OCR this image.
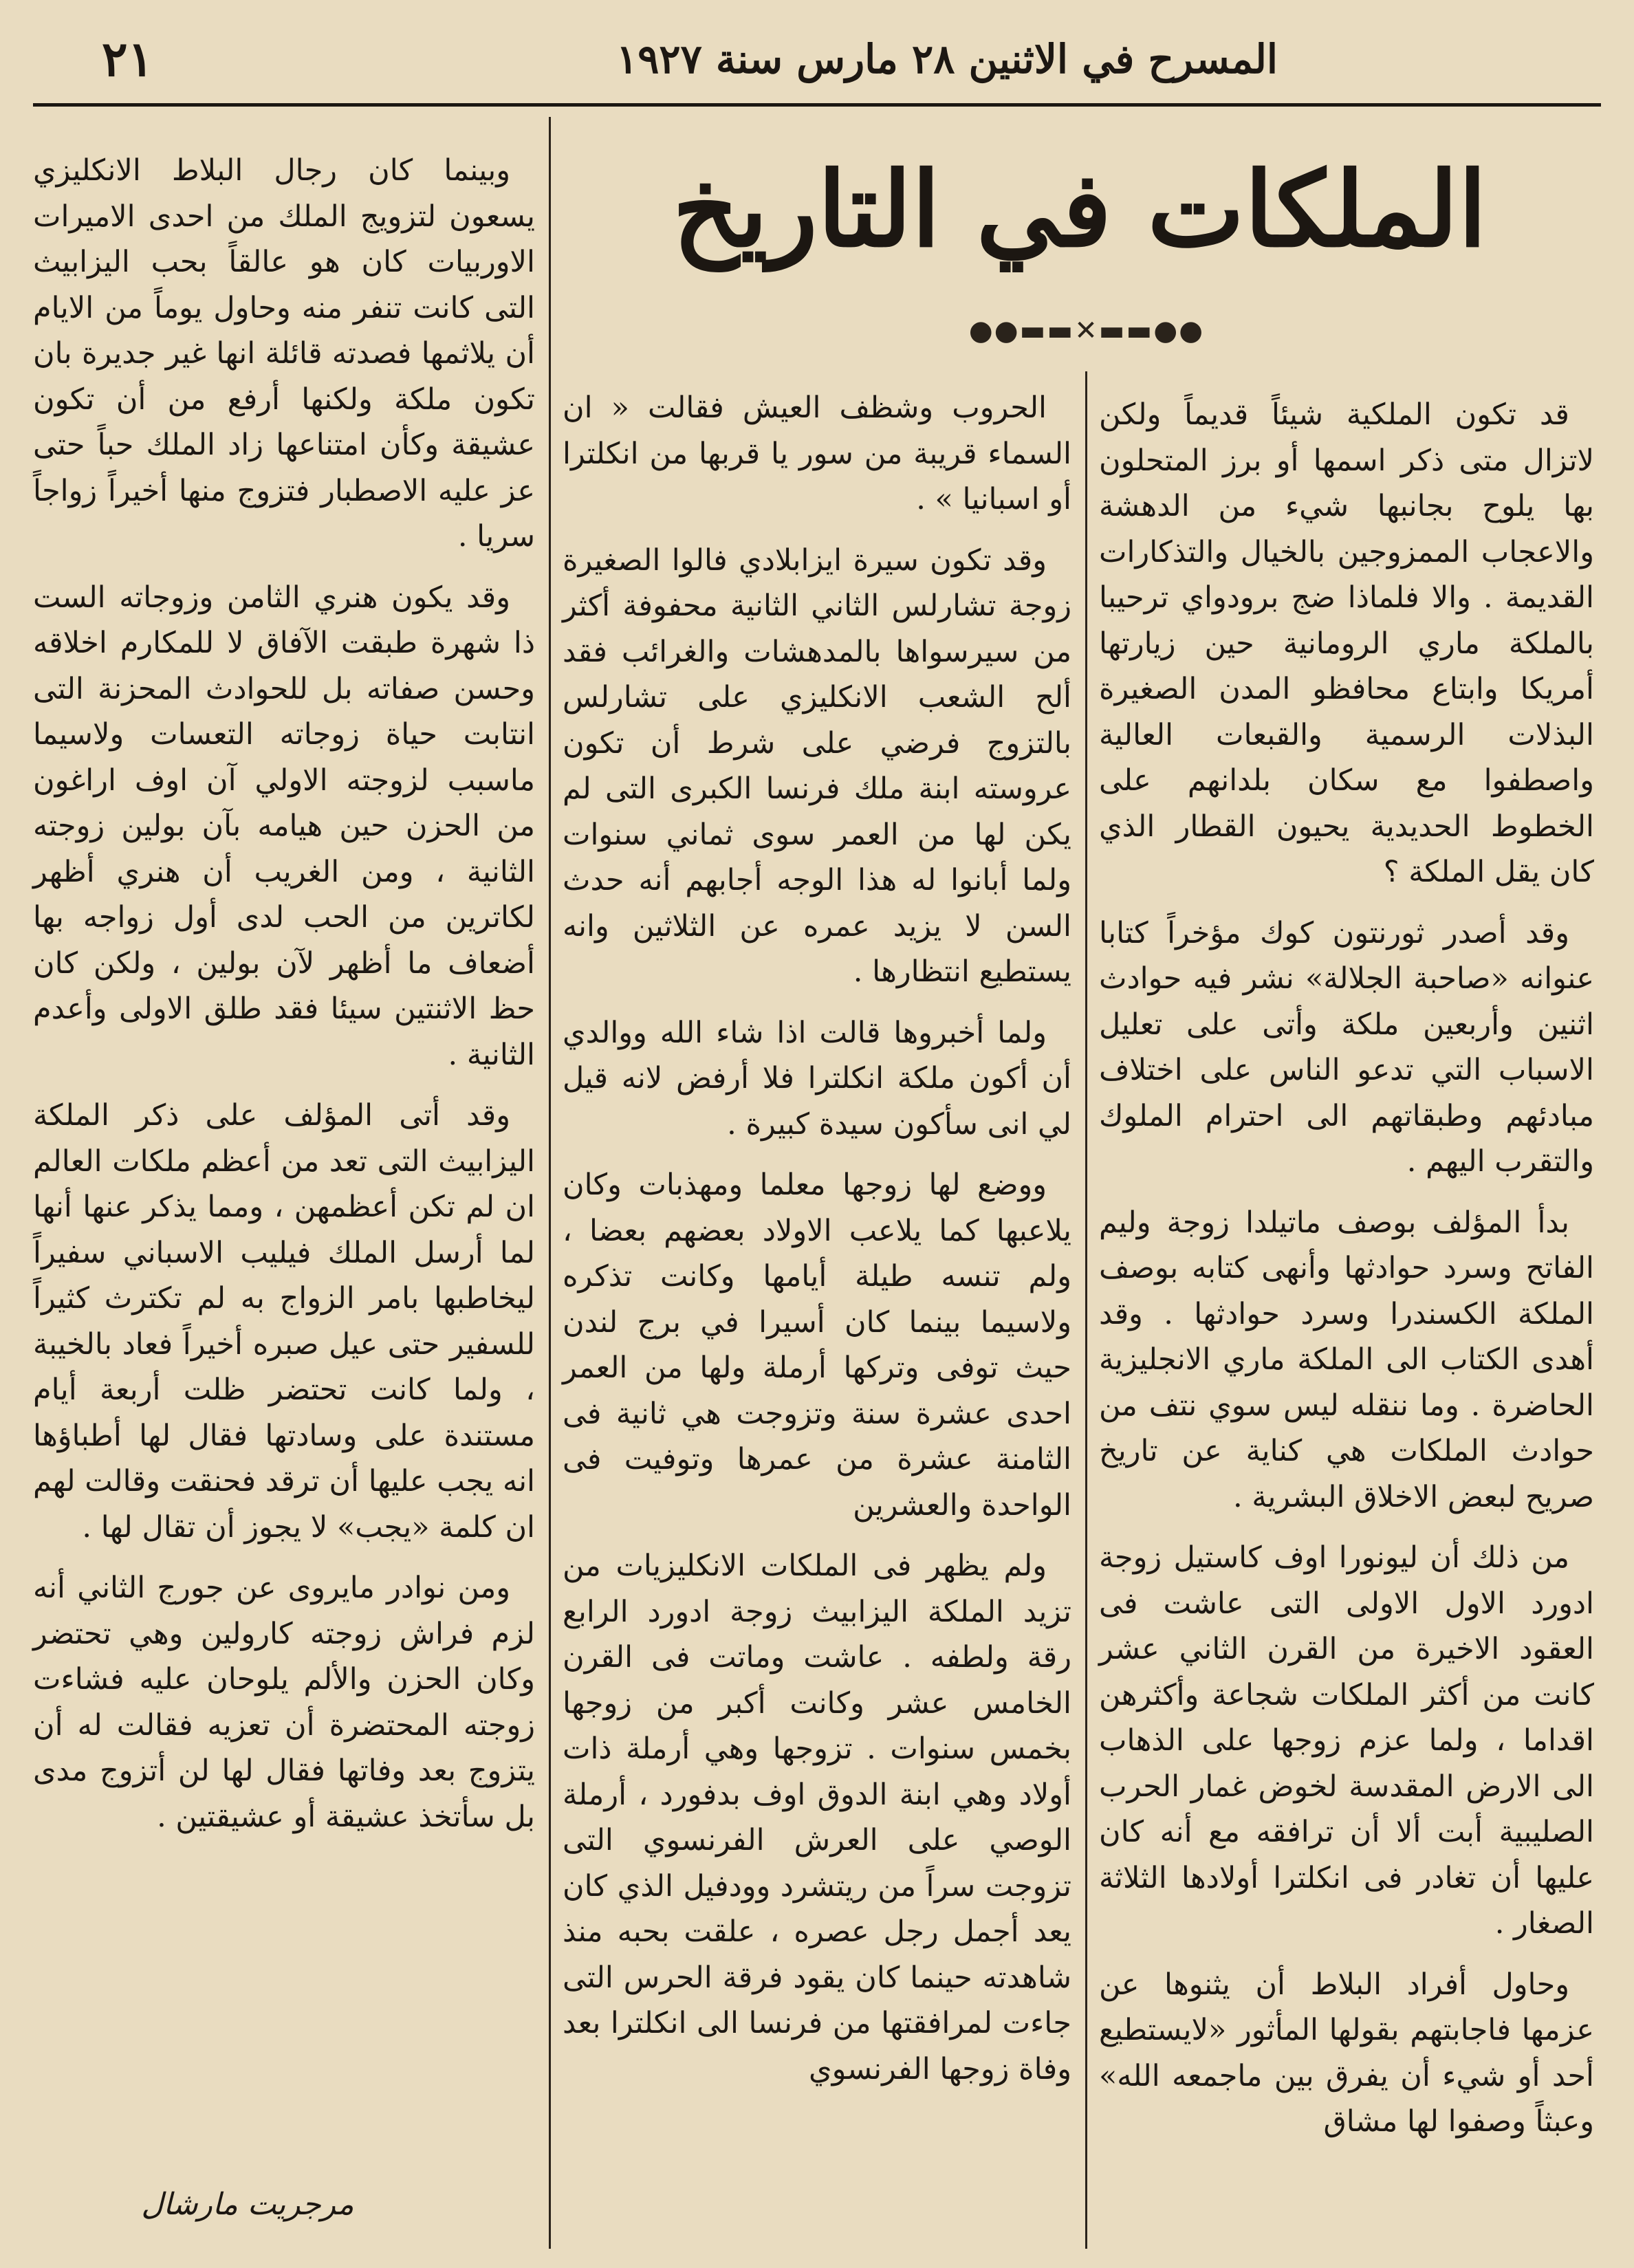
المسرح في الاثنين ٢٨ مارس سنة ١٩٢٧
٢١
الملكات في التاريخ
●●▬▬✕▬▬●●

قد تكون الملكية شيئاً قديماً ولكن لاتزال متى ذكر اسمها أو برز المتحلون بها يلوح بجانبها شيء من الدهشة والاعجاب الممزوجين بالخيال والتذكارات القديمة . والا فلماذا ضج برودواي ترحيبا بالملكة ماري الرومانية حين زيارتها أمريكا وابتاع محافظو المدن الصغيرة البذلات الرسمية والقبعات العالية واصطفوا مع سكان بلدانهم على الخطوط الحديدية يحيون القطار الذي كان يقل الملكة ؟

وقد أصدر ثورنتون كوك مؤخراً كتابا عنوانه «صاحبة الجلالة» نشر فيه حوادث اثنين وأربعين ملكة وأتى على تعليل الاسباب التي تدعو الناس على اختلاف مبادئهم وطبقاتهم الى احترام الملوك والتقرب اليهم .

بدأ المؤلف بوصف ماتيلدا زوجة وليم الفاتح وسرد حوادثها وأنهى كتابه بوصف الملكة الكسندرا وسرد حوادثها . وقد أهدى الكتاب الى الملكة ماري الانجليزية الحاضرة . وما ننقله ليس سوي نتف من حوادث الملكات هي كناية عن تاريخ صريح لبعض الاخلاق البشرية .

من ذلك أن ليونورا اوف كاستيل زوجة ادورد الاول الاولى التى عاشت فى العقود الاخيرة من القرن الثاني عشر كانت من أكثر الملكات شجاعة وأكثرهن اقداما ، ولما عزم زوجها على الذهاب الى الارض المقدسة لخوض غمار الحرب الصليبية أبت ألا أن ترافقه مع أنه كان عليها أن تغادر فى انكلترا أولادها الثلاثة الصغار .

وحاول أفراد البلاط أن يثنوها عن عزمها فاجابتهم بقولها المأثور «لايستطيع أحد أو شيء أن يفرق بين ماجمعه الله» وعبثاً وصفوا لها مشاق

الحروب وشظف العيش فقالت « ان السماء قريبة من سور يا قربها من انكلترا أو اسبانيا » .

وقد تكون سيرة ايزابلادي فالوا الصغيرة زوجة تشارلس الثاني الثانية محفوفة أكثر من سيرسواها بالمدهشات والغرائب فقد ألح الشعب الانكليزي على تشارلس بالتزوج فرضي على شرط أن تكون عروسته ابنة ملك فرنسا الكبرى التى لم يكن لها من العمر سوى ثماني سنوات ولما أبانوا له هذا الوجه أجابهم أنه حدث السن لا يزيد عمره عن الثلاثين وانه يستطيع انتظارها .

ولما أخبروها قالت اذا شاء الله ووالدي أن أكون ملكة انكلترا فلا أرفض لانه قيل لي انى سأكون سيدة كبيرة .

ووضع لها زوجها معلما ومهذبات وكان يلاعبها كما يلاعب الاولاد بعضهم بعضا ، ولم تنسه طيلة أيامها وكانت تذكره ولاسيما بينما كان أسيرا في برج لندن حيث توفى وتركها أرملة ولها من العمر احدى عشرة سنة وتزوجت هي ثانية فى الثامنة عشرة من عمرها وتوفيت فى الواحدة والعشرين

ولم يظهر فى الملكات الانكليزيات من تزيد الملكة اليزابيث زوجة ادورد الرابع رقة ولطفه . عاشت وماتت فى القرن الخامس عشر وكانت أكبر من زوجها بخمس سنوات . تزوجها وهي أرملة ذات أولاد وهي ابنة الدوق اوف بدفورد ، أرملة الوصي على العرش الفرنسوي التى تزوجت سراً من ريتشرد وودفيل الذي كان يعد أجمل رجل عصره ، علقت بحبه منذ شاهدته حينما كان يقود فرقة الحرس التى جاءت لمرافقتها من فرنسا الى انكلترا بعد وفاة زوجها الفرنسوي

وبينما كان رجال البلاط الانكليزي يسعون لتزويج الملك من احدى الاميرات الاوربيات كان هو عالقاً بحب اليزابيث التى كانت تنفر منه وحاول يوماً من الايام أن يلاثمها فصدته قائلة انها غير جديرة بان تكون ملكة ولكنها أرفع من أن تكون عشيقة وكأن امتناعها زاد الملك حباً حتى عز عليه الاصطبار فتزوج منها أخيراً زواجاً سريا .

وقد يكون هنري الثامن وزوجاته الست ذا شهرة طبقت الآفاق لا للمكارم اخلاقه وحسن صفاته بل للحوادث المحزنة التى انتابت حياة زوجاته التعسات ولاسيما ماسبب لزوجته الاولي آن اوف اراغون من الحزن حين هيامه بآن بولين زوجته الثانية ، ومن الغريب أن هنري أظهر لكاترين من الحب لدى أول زواجه بها أضعاف ما أظهر لآن بولين ، ولكن كان حظ الاثنتين سيئا فقد طلق الاولى وأعدم الثانية .

وقد أتى المؤلف على ذكر الملكة اليزابيث التى تعد من أعظم ملكات العالم ان لم تكن أعظمهن ، ومما يذكر عنها أنها لما أرسل الملك فيليب الاسباني سفيراً ليخاطبها بامر الزواج به لم تكترث كثيراً للسفير حتى عيل صبره أخيراً فعاد بالخيبة ، ولما كانت تحتضر ظلت أربعة أيام مستندة على وسادتها فقال لها أطباؤها انه يجب عليها أن ترقد فحنقت وقالت لهم ان كلمة «يجب» لا يجوز أن تقال لها .

ومن نوادر مايروى عن جورج الثاني أنه لزم فراش زوجته كارولين وهي تحتضر وكان الحزن والألم يلوحان عليه فشاءت زوجته المحتضرة أن تعزيه فقالت له أن يتزوج بعد وفاتها فقال لها لن أتزوج مدى بل سأتخذ عشيقة أو عشيقتين .

مرجريت مارشال
